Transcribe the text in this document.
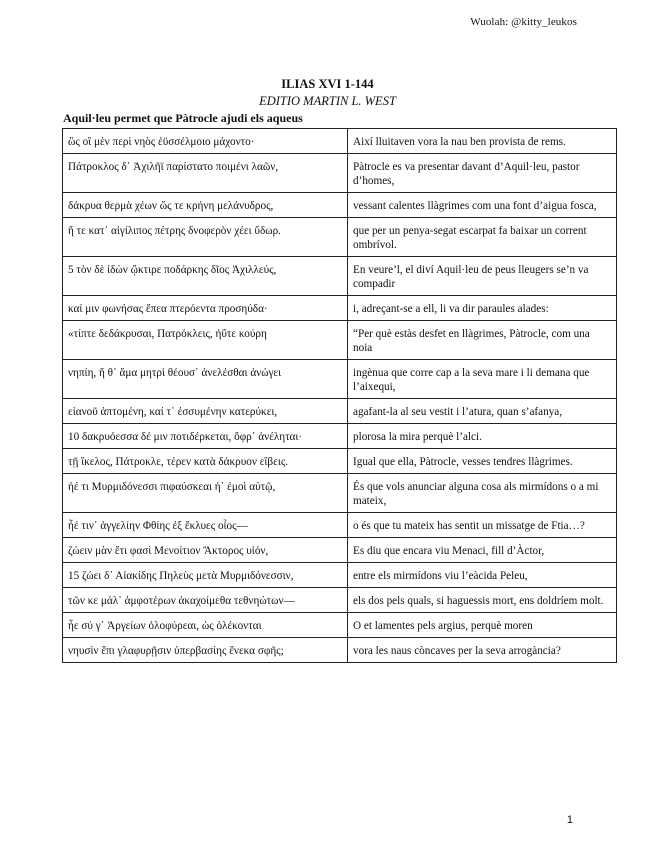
Wuolah: @kitty_leukos
ILIAS XVI 1-144
EDITIO MARTIN L. WEST
Aquil·leu permet que Pàtrocle ajudi els aqueus
ὣς οἳ μὲν περὶ νηὸς ἐϋσσέλμοιο μάχοντο·	Així lluitaven vora la nau ben provista de rems.
Πάτροκλος δ᾽ Ἀχιλῆϊ παρίστατο ποιμένι λαῶν,	Pàtrocle es va presentar davant d’Aquil·leu, pastor d’homes,
δάκρυα θερμὰ χέων ὥς τε κρήνη μελάνυδρος,	vessant calentes llàgrimes com una font d’aigua fosca,
ἥ τε κατ᾽ αἰγίλιπος πέτρης δνοφερὸν χέει ὕδωρ.	que per un penya-segat escarpat fa baixar un corrent ombrívol.
5 τὸν δὲ ἰδὼν ᾤκτιρε ποδάρκης δῖος Ἀχιλλεύς,	En veure’l, el diví Aquil·leu de peus lleugers se’n va compadir
καί μιν φωνήσας ἔπεα πτερόεντα προσηύδα·	i, adreçant-se a ell, li va dir paraules alades:
«τίπτε δεδάκρυσαι, Πατρόκλεις, ἠΰτε κούρη	“Per què estàs desfet en llàgrimes, Pàtrocle, com una noia
νηπίη, ἥ θ᾽ ἅμα μητρὶ θέουσ᾽ ἀνελέσθαι ἀνώγει	ingènua que corre cap a la seva mare i li demana que l’aixequi,
εἱανοῦ ἁπτομένη, καί τ᾽ ἐσσυμένην κατερύκει,	agafant-la al seu vestit i l’atura, quan s’afanya,
10 δακρυόεσσα δέ μιν ποτιδέρκεται, ὄφρ᾽ ἀνέληται·	plorosa la mira perquè l’alci.
τῇ ἴκελος, Πάτροκλε, τέρεν κατὰ δάκρυον εἴβεις.	Igual que ella, Pàtrocle, vesses tendres llàgrimes.
ἠέ τι Μυρμιδόνεσσι πιφαύσκεαι ἠ᾽ ἐμοὶ αὐτῷ,	És que vols anunciar alguna cosa als mirmídons o a mi mateix,
ἦέ τιν᾽ ἀγγελίην Φθίης ἐξ ἔκλυες οἶος—	o és que tu mateix has sentit un missatge de Ftia…?
ζώειν μὰν ἔτι φασὶ Μενοίτιον Ἄκτορος υἱόν,	Es diu que encara viu Menaci, fill d’Àctor,
15 ζώει δ᾽ Αἰακίδης Πηλεὺς μετὰ Μυρμιδόνεσσιν,	entre els mirmídons viu l’eàcida Peleu,
τῶν κε μάλ᾽ ἀμφοτέρων ἀκαχοίμεθα τεθνηώτων—	els dos pels quals, si haguessis mort, ens doldríem molt.
ἦε σύ γ᾽ Ἀργείων ὀλοφύρεαι, ὡς ὀλέκονται	O et lamentes pels argius, perquè moren
νηυσὶν ἔπι γλαφυρῇσιν ὑπερβασίης ἕνεκα σφῆς;	vora les naus còncaves per la seva arrogància?
1
